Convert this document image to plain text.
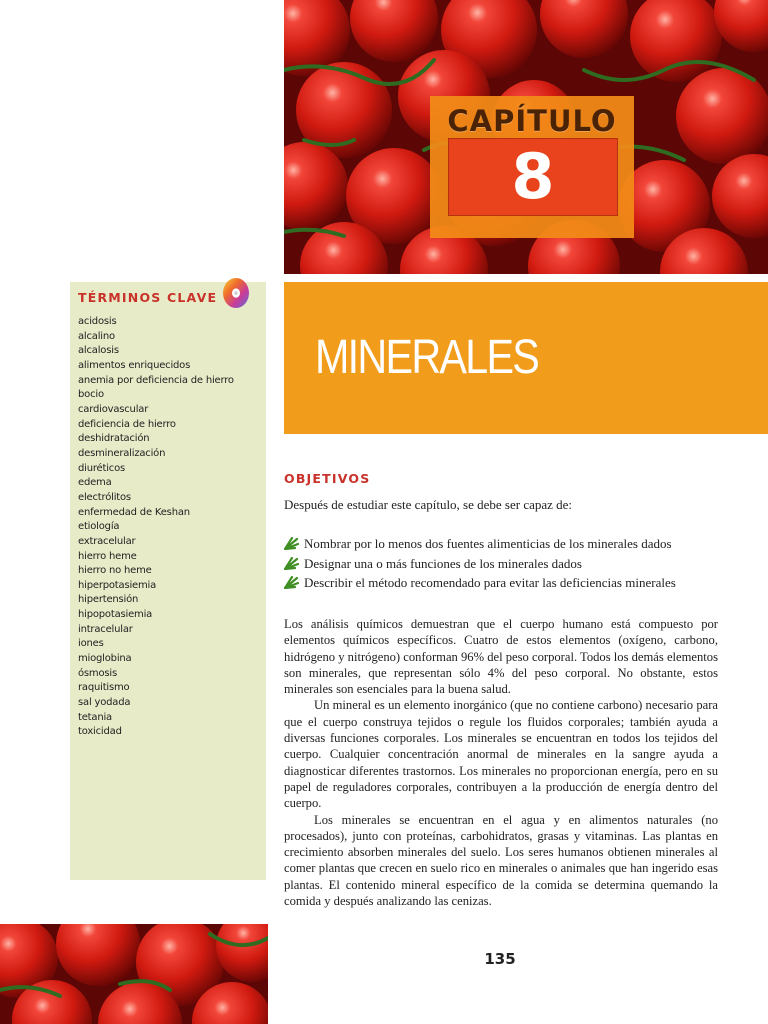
CAPÍTULO
8
MINERALES
TÉRMINOS CLAVE
acidosis
alcalino
alcalosis
alimentos enriquecidos
anemia por deficiencia de hierro
bocio
cardiovascular
deficiencia de hierro
deshidratación
desmineralización
diuréticos
edema
electrólitos
enfermedad de Keshan
etiología
extracelular
hierro heme
hierro no heme
hiperpotasiemia
hipertensión
hipopotasiemia
intracelular
iones
mioglobina
ósmosis
raquitismo
sal yodada
tetania
toxicidad
OBJETIVOS
Después de estudiar este capítulo, se debe ser capaz de:
Nombrar por lo menos dos fuentes alimenticias de los minerales dados
Designar una o más funciones de los minerales dados
Describir el método recomendado para evitar las deficiencias minerales

Los análisis químicos demuestran que el cuerpo humano está compuesto por elementos químicos específicos. Cuatro de estos elementos (oxígeno, carbono, hidrógeno y nitrógeno) conforman 96% del peso corporal. Todos los demás elementos son minerales, que representan sólo 4% del peso corporal. No obstante, estos minerales son esenciales para la buena salud.

Un mineral es un elemento inorgánico (que no contiene carbono) necesario para que el cuerpo construya tejidos o regule los fluidos corporales; también ayuda a diversas funciones corporales. Los minerales se encuentran en todos los tejidos del cuerpo. Cualquier concentración anormal de minerales en la sangre ayuda a diagnosticar diferentes trastornos. Los minerales no proporcionan energía, pero en su papel de reguladores corporales, contribuyen a la producción de energía dentro del cuerpo.

Los minerales se encuentran en el agua y en alimentos naturales (no procesados), junto con proteínas, carbohidratos, grasas y vitaminas. Las plantas en crecimiento absorben minerales del suelo. Los seres humanos obtienen minerales al comer plantas que crecen en suelo rico en minerales o animales que han ingerido esas plantas. El contenido mineral específico de la comida se determina quemando la comida y después analizando las cenizas.

135
